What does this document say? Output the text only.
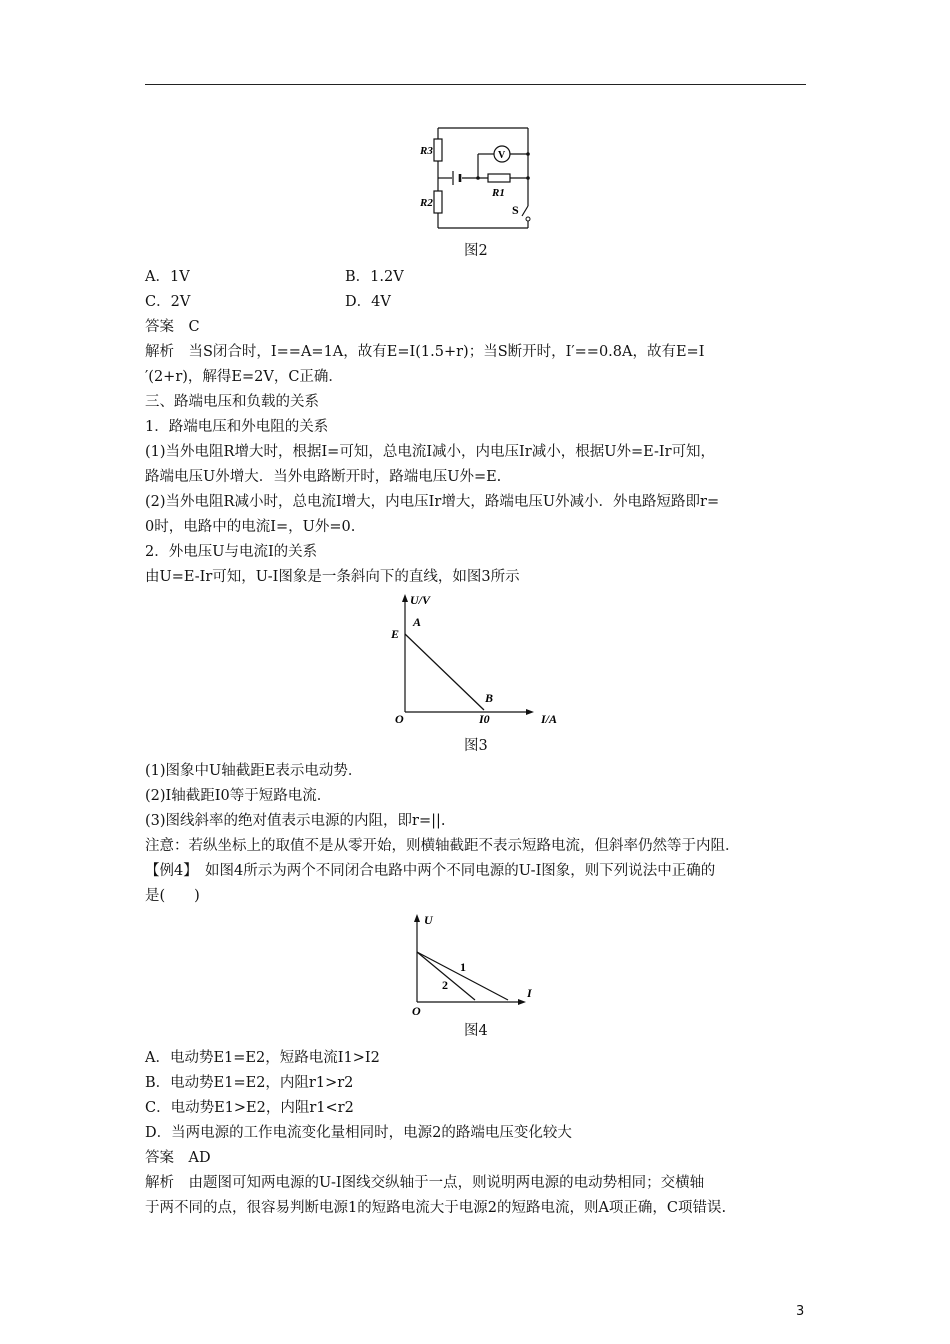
R3
R2
R1
V
S
图2
A．1V	B．1.2V
C．2V	D．4V
答案　C
解析　当S闭合时，I==A=1A，故有E=I(1.5+r)；当S断开时，I′==0.8A，故有E=I
′(2+r)，解得E=2V，C正确．
三、路端电压和负载的关系
1．路端电压和外电阻的关系
(1)当外电阻R增大时，根据I=可知，总电流I减小，内电压Ir减小，根据U外=E-Ir可知，
路端电压U外增大．当外电路断开时，路端电压U外=E.
(2)当外电阻R减小时，总电流I增大，内电压Ir增大，路端电压U外减小．外电路短路即r=
0时，电路中的电流I=，U外=0.
2．外电压U与电流I的关系
由U=E-Ir可知，U-I图象是一条斜向下的直线，如图3所示
U/V
I/A
O
E
A
B
I0
图3
(1)图象中U轴截距E表示电动势．
(2)I轴截距I0等于短路电流．
(3)图线斜率的绝对值表示电源的内阻，即r=||.
注意：若纵坐标上的取值不是从零开始，则横轴截距不表示短路电流，但斜率仍然等于内阻．
【例4】　如图4所示为两个不同闭合电路中两个不同电源的U-I图象，则下列说法中正确的
是(　　)
U
I
O
1
2
图4
A．电动势E1=E2，短路电流I1>I2
B．电动势E1=E2，内阻r1>r2
C．电动势E1>E2，内阻r1<r2
D．当两电源的工作电流变化量相同时，电源2的路端电压变化较大
答案　AD
解析　由题图可知两电源的U-I图线交纵轴于一点，则说明两电源的电动势相同；交横轴
于两不同的点，很容易判断电源1的短路电流大于电源2的短路电流，则A项正确，C项错误.
3
